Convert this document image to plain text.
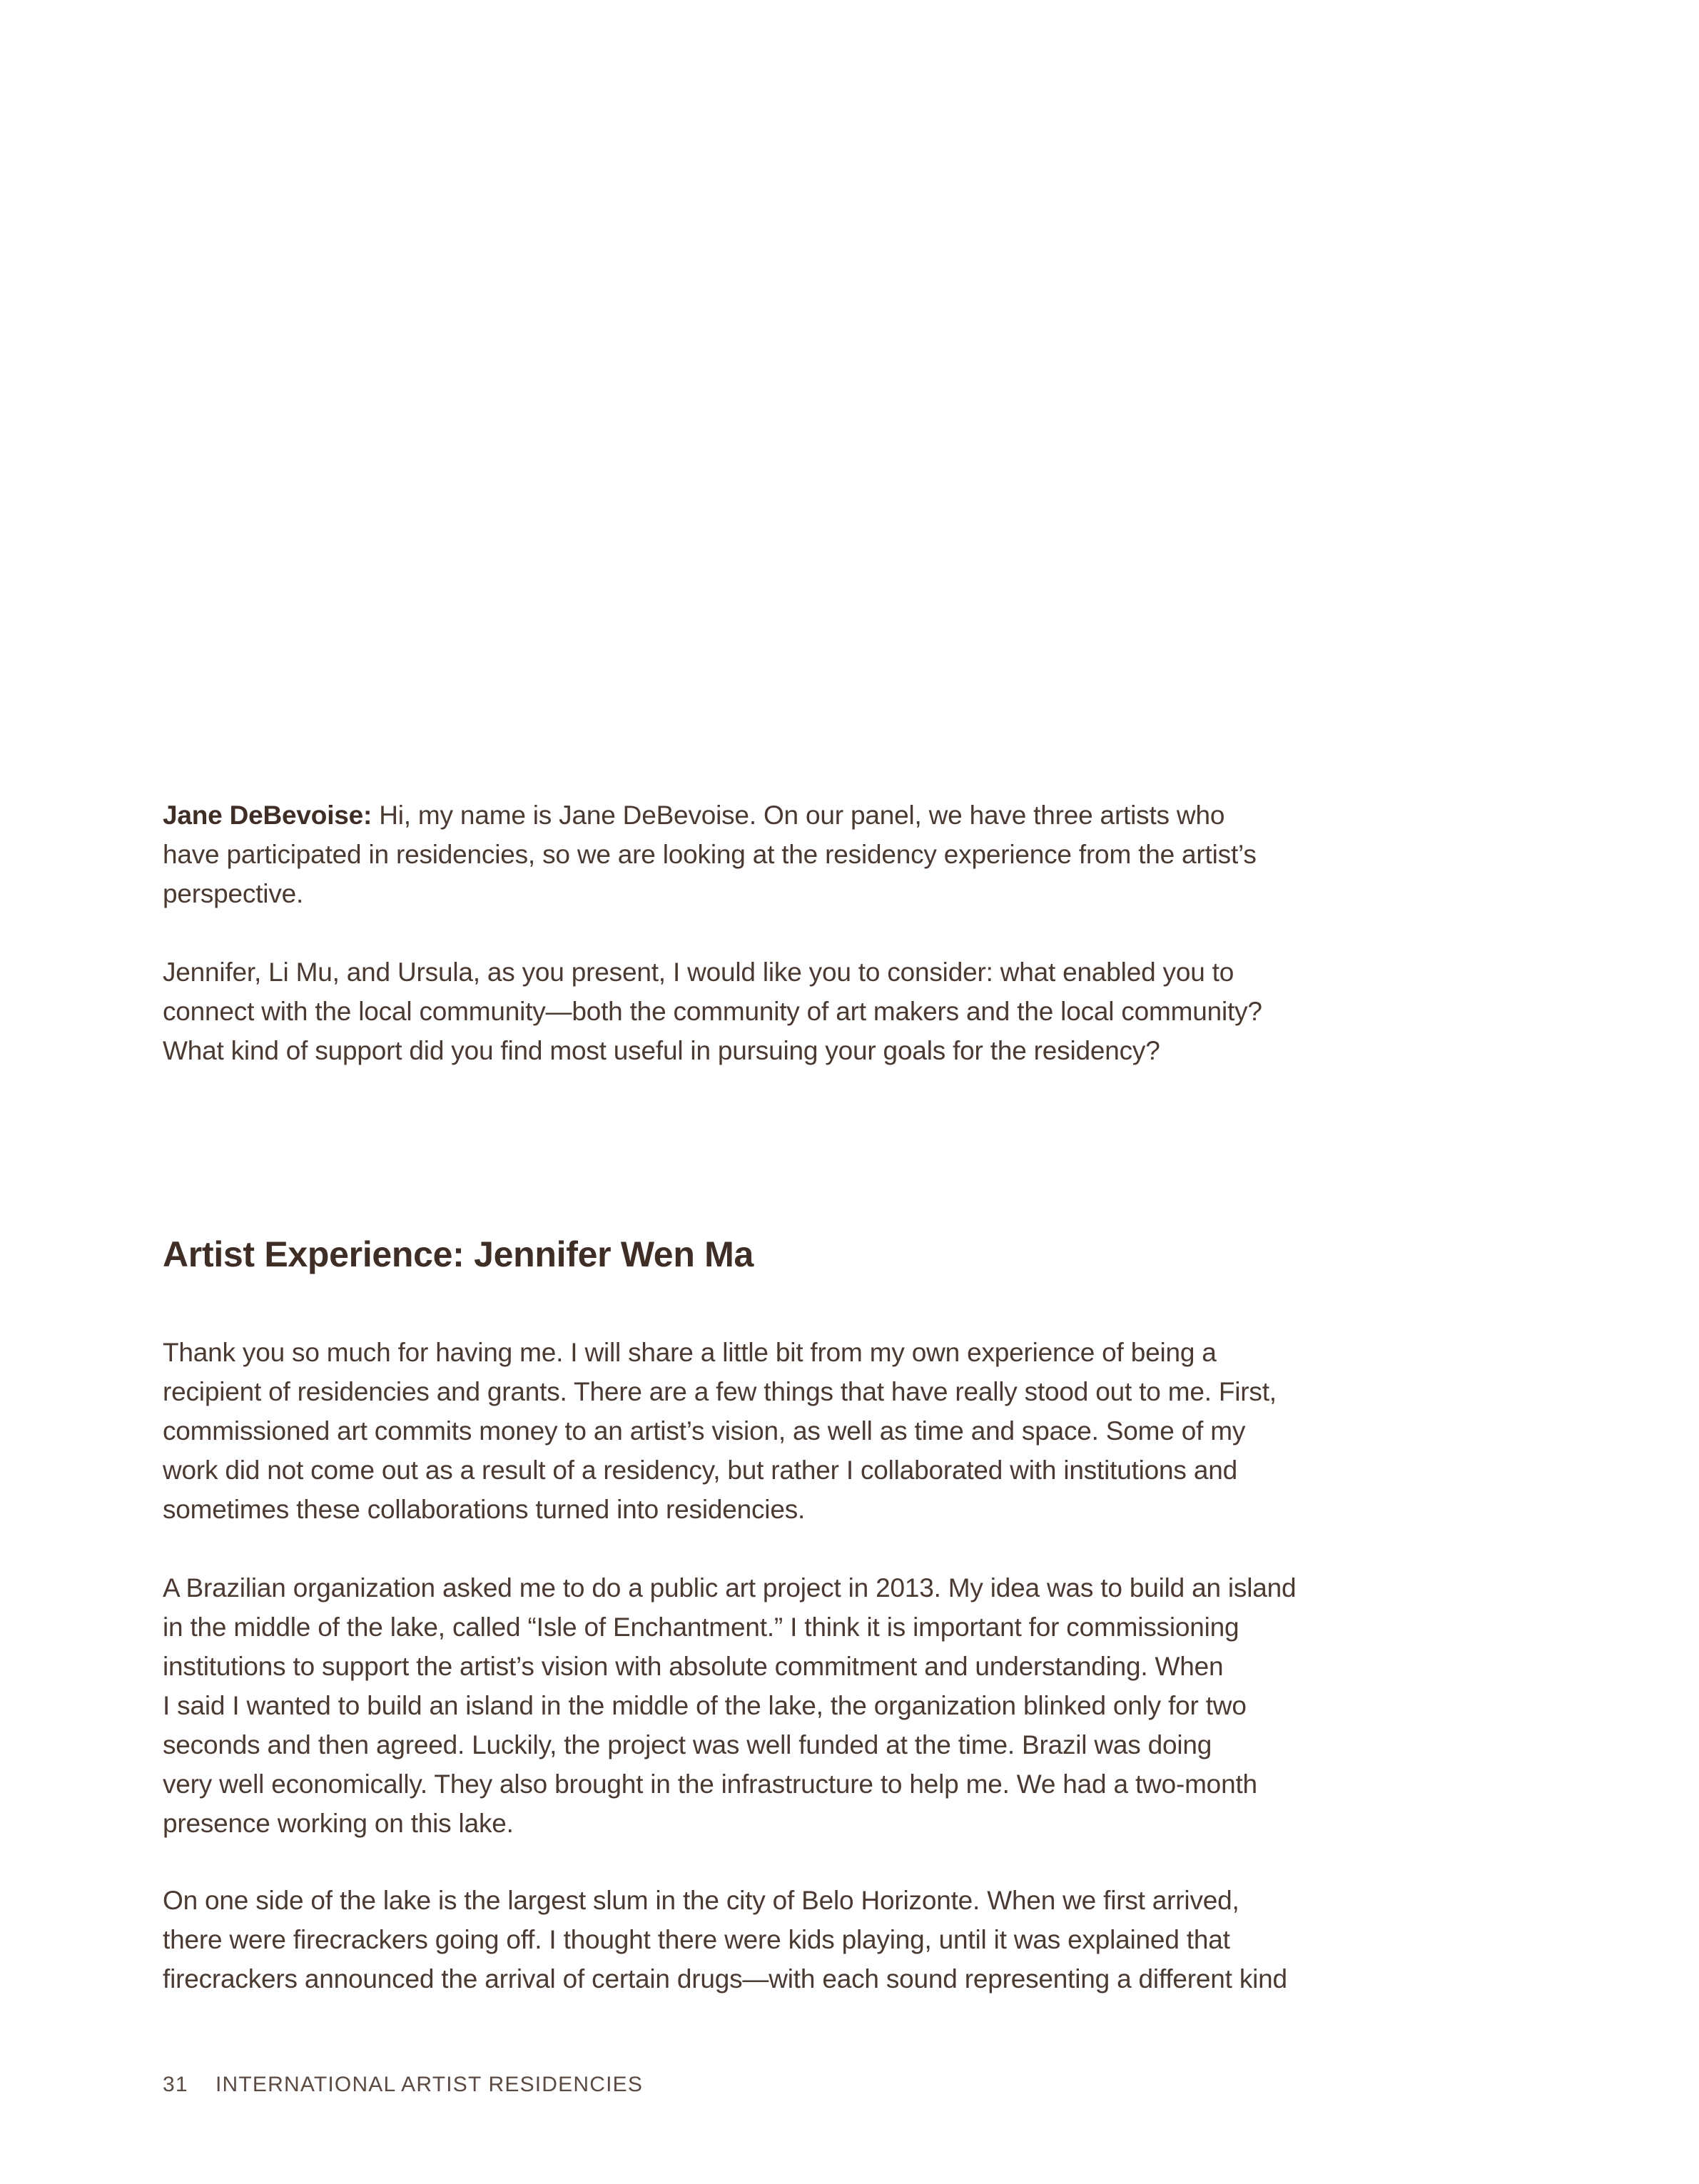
Jane DeBevoise: Hi, my name is Jane DeBevoise. On our panel, we have three artists who
have participated in residencies, so we are looking at the residency experience from the artist’s
perspective.

Jennifer, Li Mu, and Ursula, as you present, I would like you to consider: what enabled you to
connect with the local community—both the community of art makers and the local community?
What kind of support did you find most useful in pursuing your goals for the residency?

Artist Experience: Jennifer Wen Ma

Thank you so much for having me. I will share a little bit from my own experience of being a
recipient of residencies and grants. There are a few things that have really stood out to me. First,
commissioned art commits money to an artist’s vision, as well as time and space. Some of my
work did not come out as a result of a residency, but rather I collaborated with institutions and
sometimes these collaborations turned into residencies.

A Brazilian organization asked me to do a public art project in 2013. My idea was to build an island
in the middle of the lake, called “Isle of Enchantment.” I think it is important for commissioning
institutions to support the artist’s vision with absolute commitment and understanding. When
I said I wanted to build an island in the middle of the lake, the organization blinked only for two
seconds and then agreed. Luckily, the project was well funded at the time. Brazil was doing
very well economically. They also brought in the infrastructure to help me. We had a two-month
presence working on this lake.

On one side of the lake is the largest slum in the city of Belo Horizonte. When we first arrived,
there were firecrackers going off. I thought there were kids playing, until it was explained that
firecrackers announced the arrival of certain drugs—with each sound representing a different kind

31 INTERNATIONAL ARTIST RESIDENCIES
